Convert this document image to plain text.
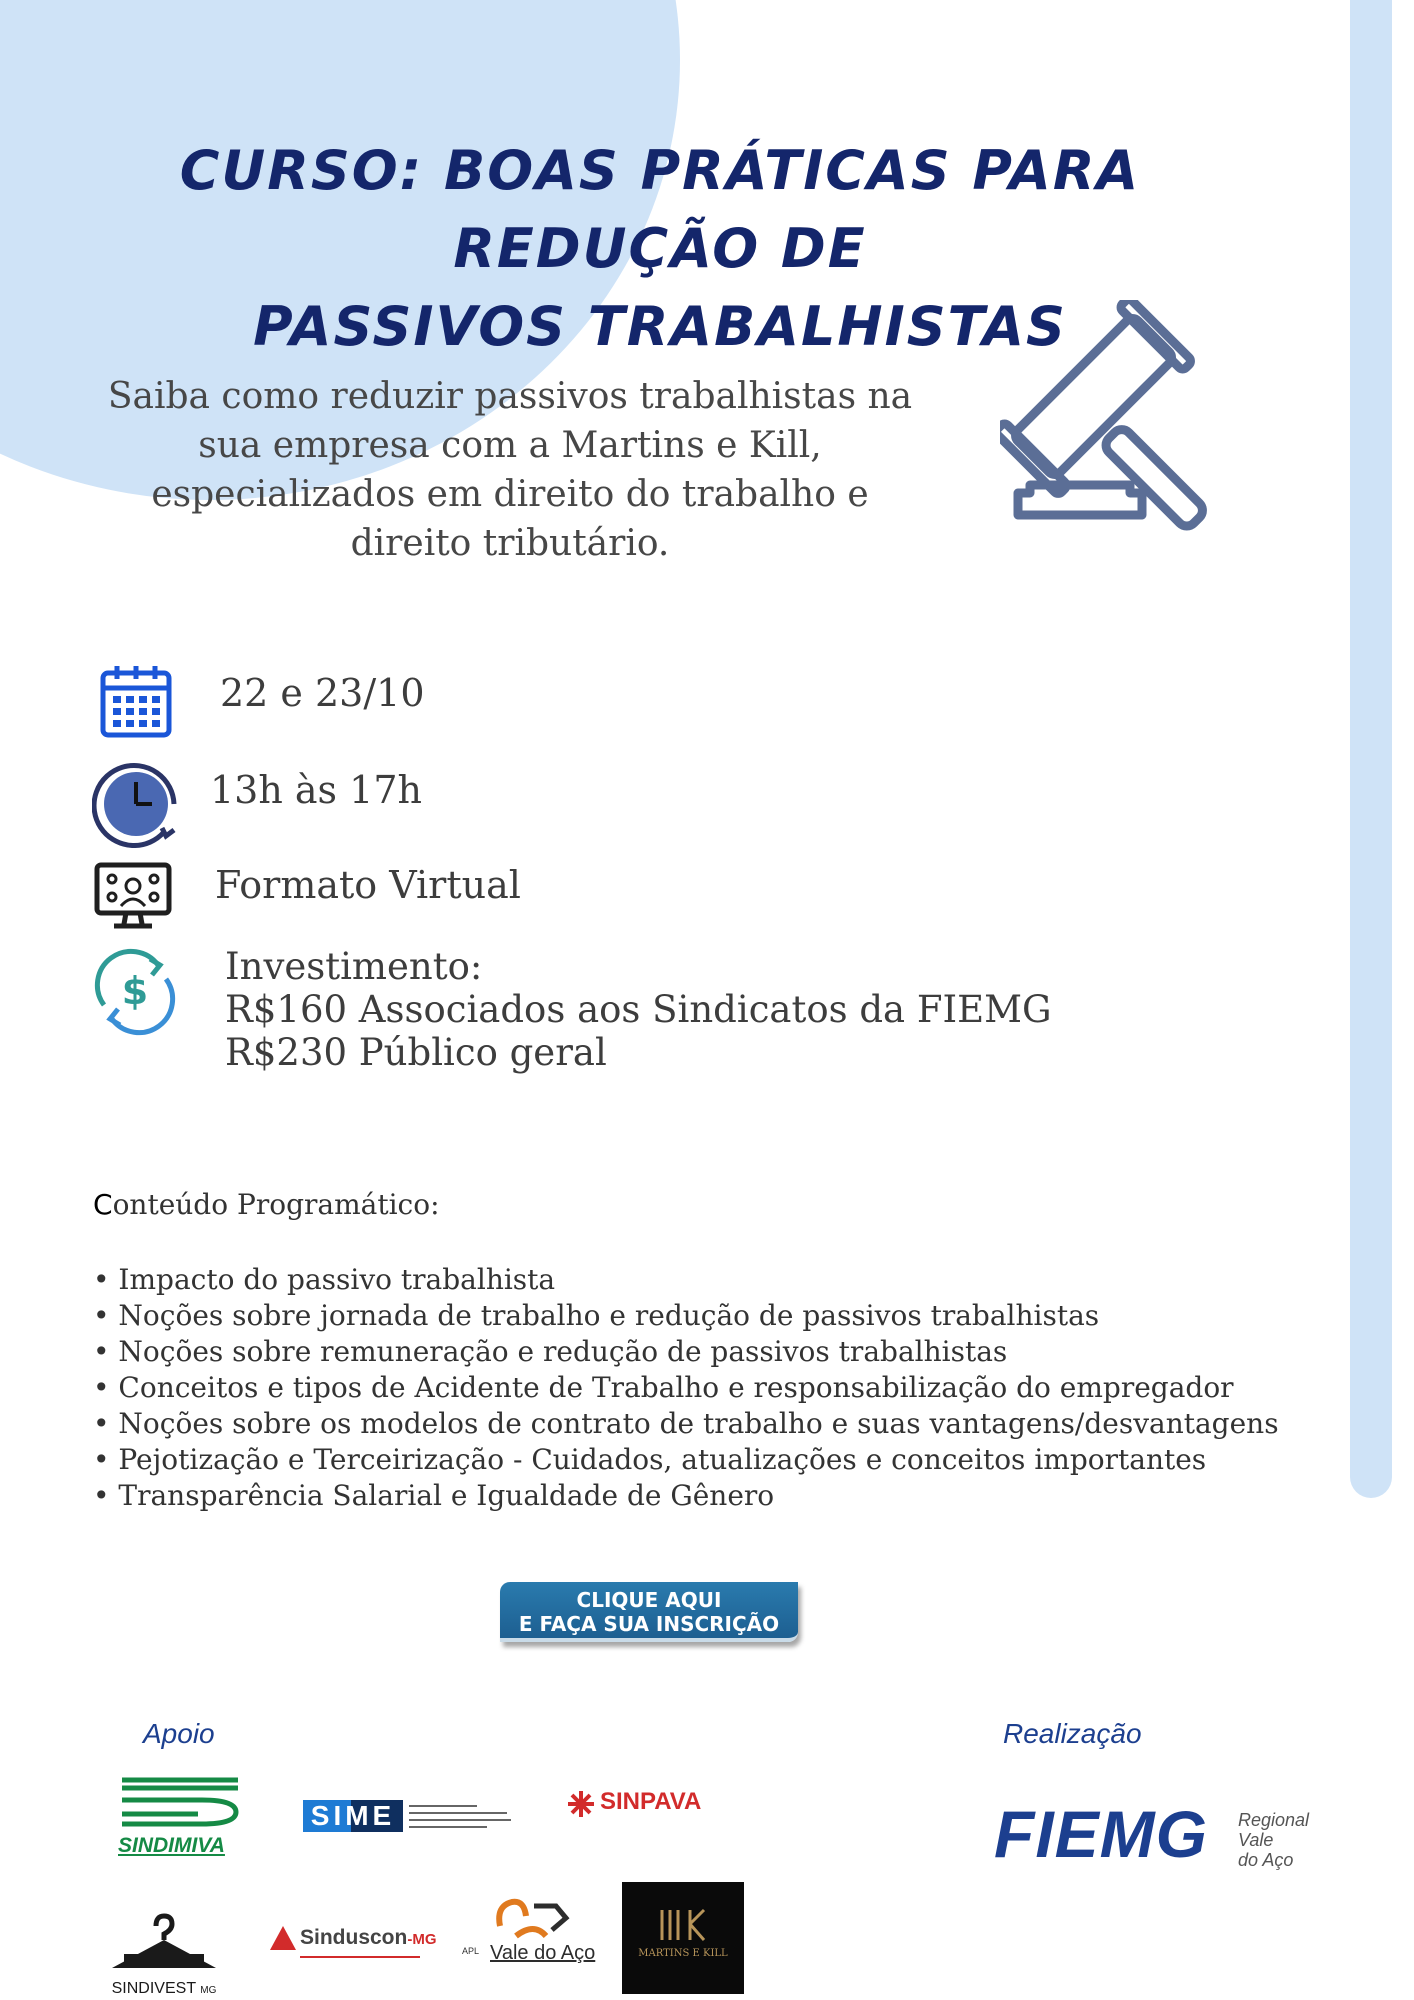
CURSO: BOAS PRÁTICAS PARA REDUÇÃO DE
PASSIVOS TRABALHISTAS
Saiba como reduzir passivos trabalhistas na
sua empresa com a Martins e Kill,
especializados em direito do trabalho e
direito tributário.
22 e 23/10
13h às 17h
Formato Virtual
$
Investimento:
R$160 Associados aos Sindicatos da FIEMG
R$230 Público geral
Conteúdo Programático:
• Impacto do passivo trabalhista
• Noções sobre jornada de trabalho e redução de passivos trabalhistas
• Noções sobre remuneração e redução de passivos trabalhistas
• Conceitos e tipos de Acidente de Trabalho e responsabilização do empregador
• Noções sobre os modelos de contrato de trabalho e suas vantagens/desvantagens
• Pejotização e Terceirização - Cuidados, atualizações e conceitos importantes
• Transparência Salarial e Igualdade de Gênero
CLIQUE AQUI
E FAÇA SUA INSCRIÇÃO
Apoio	Realização
SINDIMIVA
SIME	SINPAVA	FIEMG Regional
Vale
do Aço
SINDIVEST MG
Sinduscon-MG
APL Vale do Aço	MARTINS E KILL
